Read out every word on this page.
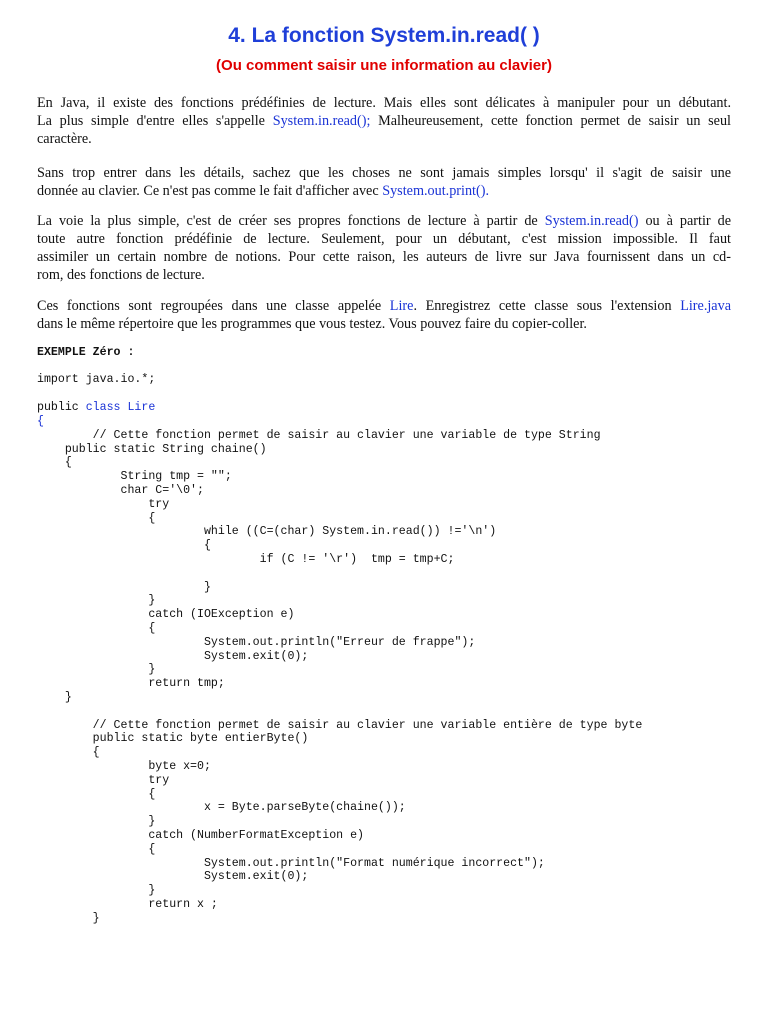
4. La fonction System.in.read( )
(Ou comment saisir une information au clavier)
En Java, il existe des fonctions prédéfinies de lecture. Mais elles sont délicates à manipuler pour un débutant.
La plus simple d'entre elles s'appelle System.in.read(); Malheureusement, cette fonction permet de saisir un seul
caractère.
Sans trop entrer dans les détails, sachez que les choses ne sont jamais simples lorsqu' il s'agit de saisir une
donnée au clavier. Ce n'est pas comme le fait d'afficher avec System.out.print().
La voie la plus simple, c'est de créer ses propres fonctions de lecture à partir de System.in.read() ou à partir de
toute autre fonction prédéfinie de lecture. Seulement, pour un débutant, c'est mission impossible. Il faut
assimiler un certain nombre de notions. Pour cette raison, les auteurs de livre sur Java fournissent dans un cd-
rom, des fonctions de lecture.
Ces fonctions sont regroupées dans une classe appelée Lire. Enregistrez cette classe sous l'extension Lire.java
dans le même répertoire que les programmes que vous testez. Vous pouvez faire du copier-coller.
EXEMPLE Zéro :
import java.io.*;
public class Lire
{
// Cette fonction permet de saisir au clavier une variable de type String
public static String chaine()
{
String tmp = "";
char C='\0';
try
{
while ((C=(char) System.in.read()) !='\n')
{
if (C != '\r')  tmp = tmp+C;
}
}
catch (IOException e)
{
System.out.println("Erreur de frappe");
System.exit(0);
}
return tmp;
}
// Cette fonction permet de saisir au clavier une variable entière de type byte
public static byte entierByte()
{
byte x=0;
try
{
x = Byte.parseByte(chaine());
}
catch (NumberFormatException e)
{
System.out.println("Format numérique incorrect");
System.exit(0);
}
return x ;
}
